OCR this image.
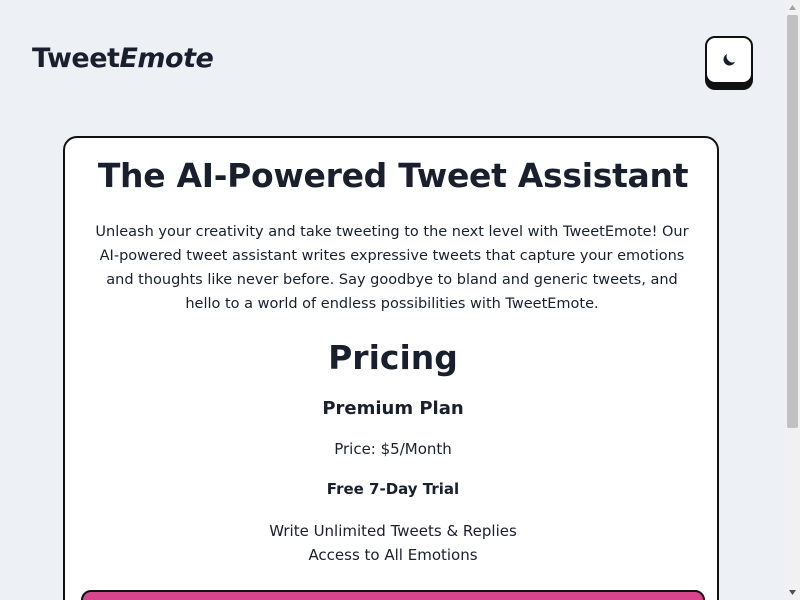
TweetEmote
The AI-Powered Tweet Assistant

Unleash your creativity and take tweeting to the next level with TweetEmote! Our AI-powered tweet assistant writes expressive tweets that capture your emotions and thoughts like never before. Say goodbye to bland and generic tweets, and hello to a world of endless possibilities with TweetEmote.

Pricing
Premium Plan
Price: $5/Month
Free 7-Day Trial
Write Unlimited Tweets & Replies
Access to All Emotions
